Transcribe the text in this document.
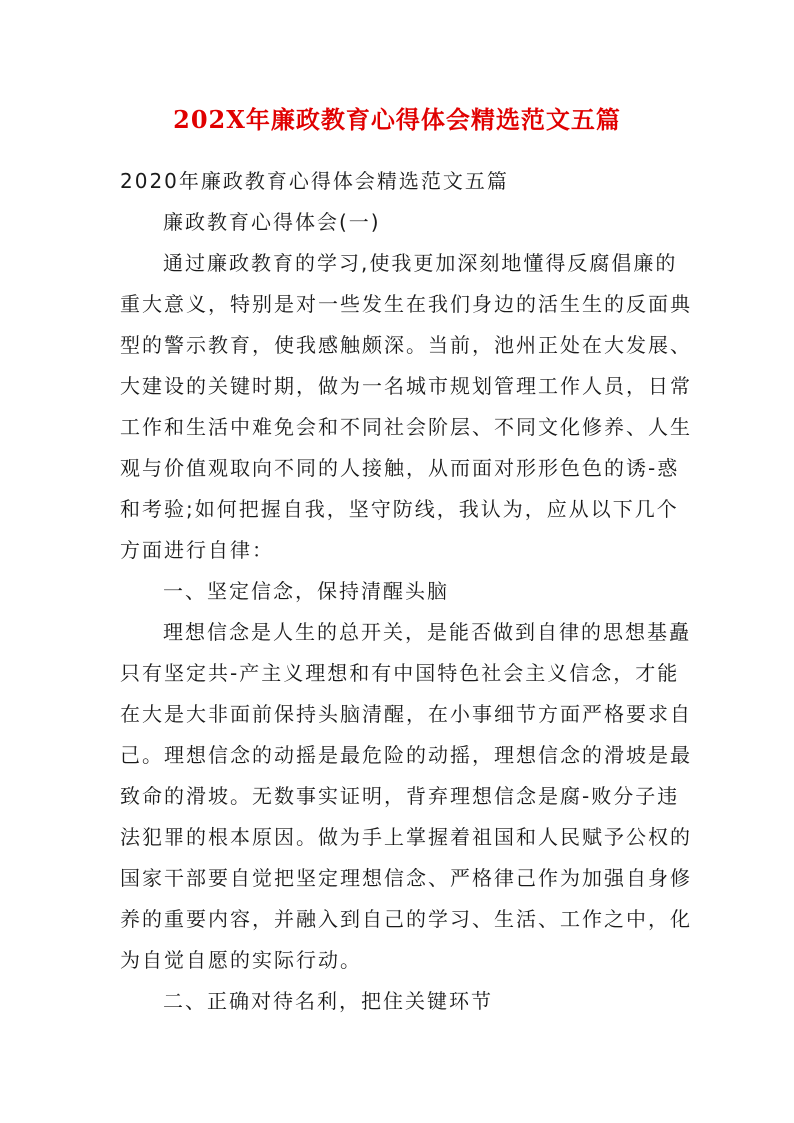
202X年廉政教育心得体会精选范文五篇

2020年廉政教育心得体会精选范文五篇

廉政教育心得体会(一)

通过廉政教育的学习,使我更加深刻地懂得反腐倡廉的

重大意义，特别是对一些发生在我们身边的活生生的反面典

型的警示教育，使我感触颇深。当前，池州正处在大发展、

大建设的关键时期，做为一名城市规划管理工作人员，日常

工作和生活中难免会和不同社会阶层、不同文化修养、人生

观与价值观取向不同的人接触，从而面对形形色色的诱-惑

和考验;如何把握自我，坚守防线，我认为，应从以下几个

方面进行自律：

一、坚定信念，保持清醒头脑

理想信念是人生的总开关，是能否做到自律的思想基矗

只有坚定共-产主义理想和有中国特色社会主义信念，才能

在大是大非面前保持头脑清醒，在小事细节方面严格要求自

己。理想信念的动摇是最危险的动摇，理想信念的滑坡是最

致命的滑坡。无数事实证明，背弃理想信念是腐-败分子违

法犯罪的根本原因。做为手上掌握着祖国和人民赋予公权的

国家干部要自觉把坚定理想信念、严格律己作为加强自身修

养的重要内容，并融入到自己的学习、生活、工作之中，化

为自觉自愿的实际行动。

二、正确对待名利，把住关键环节
